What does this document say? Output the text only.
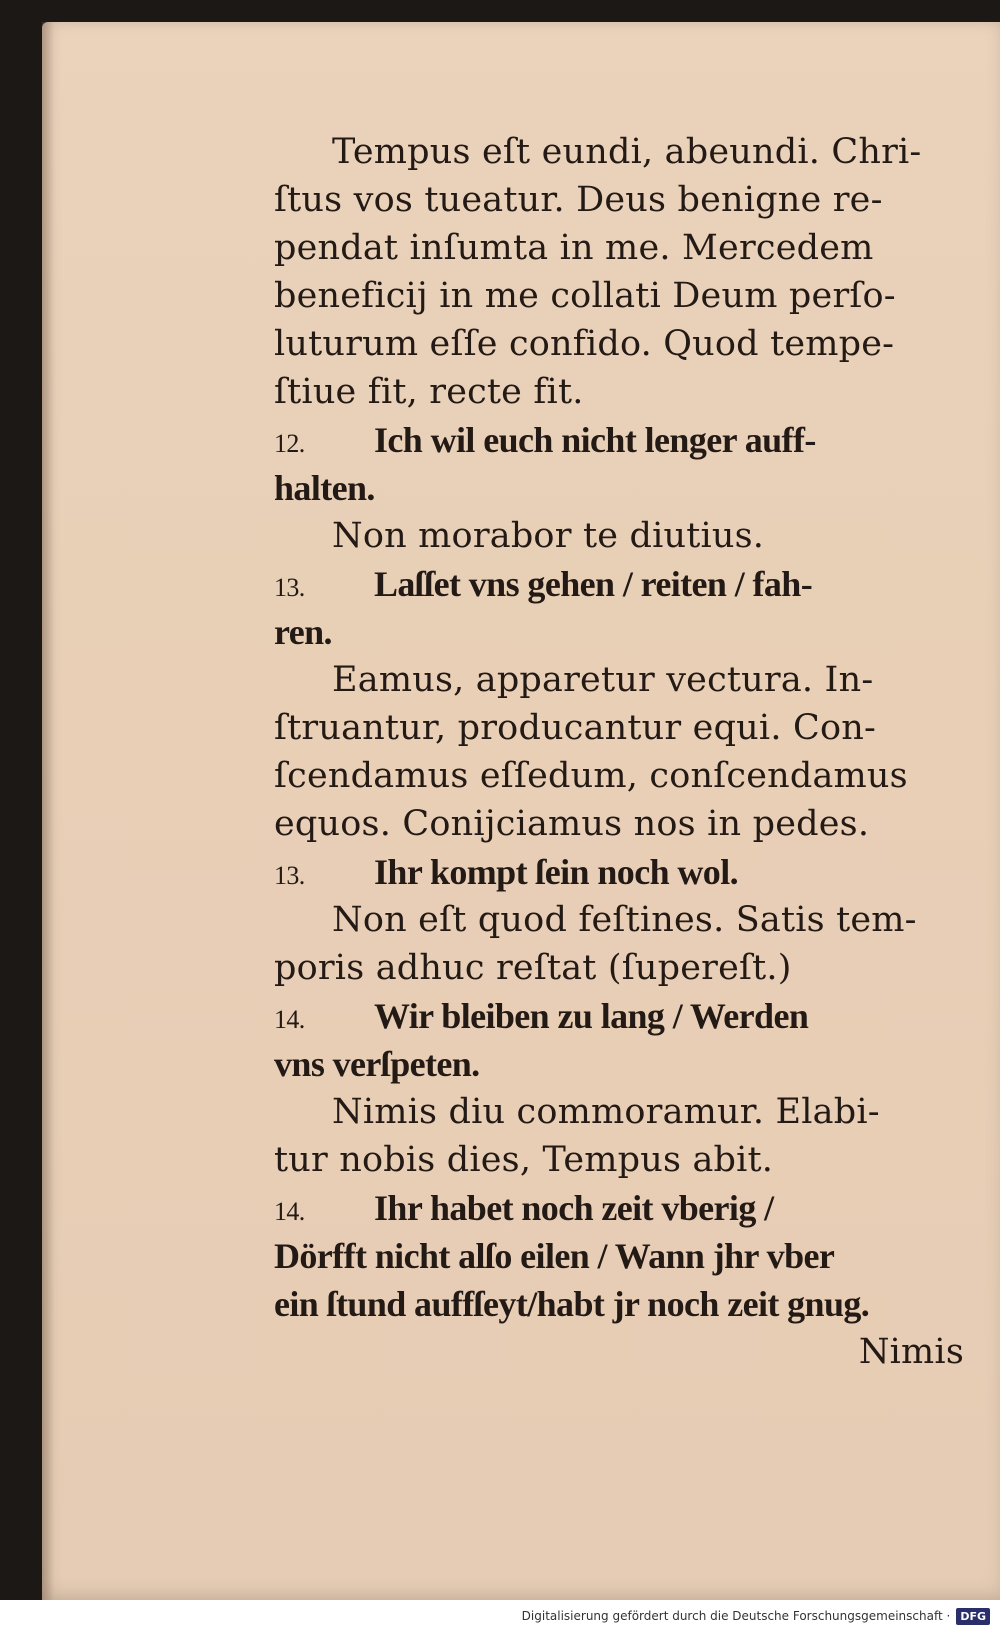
Tempus eſt eundi, abeundi. Chri-
ſtus vos tueatur. Deus benigne re-
pendat inſumta in me. Mercedem
beneficij in me collati Deum perſo-
luturum eſſe confido. Quod tempe-
ſtiue fit, recte fit.
12. Ich wil euch nicht lenger auff-
halten.
Non morabor te diutius.
13. Laſſet vns gehen / reiten / fah-
ren.
Eamus, apparetur vectura. In-
ſtruantur, producantur equi. Con-
ſcendamus eſſedum, conſcendamus
equos. Conijciamus nos in pedes.
13. Ihr kompt ſein noch wol.
Non eſt quod feſtines. Satis tem-
poris adhuc reſtat (ſupereſt.)
14. Wir bleiben zu lang / Werden
vns verſpeten.
Nimis diu commoramur. Elabi-
tur nobis dies, Tempus abit.
14. Ihr habet noch zeit vberig /
Dörfft nicht alſo eilen / Wann jhr vber
ein ſtund auffſeyt/habt jr noch zeit gnug.
Nimis
Digitalisierung gefördert durch die Deutsche Forschungsgemeinschaft · DFG
